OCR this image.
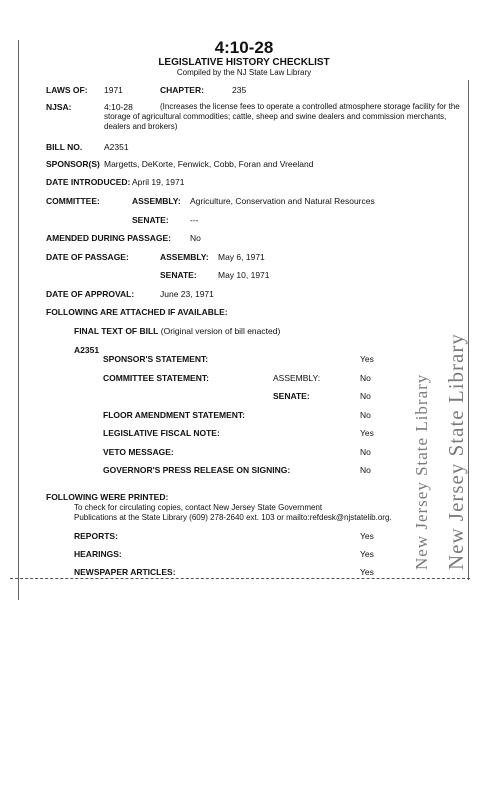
4:10-28
LEGISLATIVE HISTORY CHECKLIST
Compiled by the NJ State Law Library
LAWS OF: 1971	CHAPTER:	235
NJSA:	4:10-28	(Increases the license fees to operate a controlled atmosphere storage facility for the storage of agricultural commodities; cattle, sheep and swine dealers and commission merchants, dealers and brokers)
BILL NO.	A2351
SPONSOR(S) Margetts, DeKorte, Fenwick, Cobb, Foran and Vreeland
DATE INTRODUCED: April 19, 1971
COMMITTEE:	ASSEMBLY: Agriculture, Conservation and Natural Resources
SENATE:	---
AMENDED DURING PASSAGE: No
DATE OF PASSAGE:	ASSEMBLY: May 6, 1971
SENATE:	May 10, 1971
DATE OF APPROVAL:	June 23, 1971
FOLLOWING ARE ATTACHED IF AVAILABLE:
FINAL TEXT OF BILL (Original version of bill enacted)
A2351
SPONSOR'S STATEMENT:	Yes
COMMITTEE STATEMENT:	ASSEMBLY:	No
SENATE:	No
FLOOR AMENDMENT STATEMENT:	No
LEGISLATIVE FISCAL NOTE:	Yes
VETO MESSAGE:	No
GOVERNOR'S PRESS RELEASE ON SIGNING:	No
FOLLOWING WERE PRINTED:
To check for circulating copies, contact New Jersey State Government
Publications at the State Library (609) 278-2640 ext. 103 or mailto:refdesk@njstatelib.org.
REPORTS:	Yes
HEARINGS:	Yes
NEWSPAPER ARTICLES:	Yes
New Jersey State Library New Jersey State Library
